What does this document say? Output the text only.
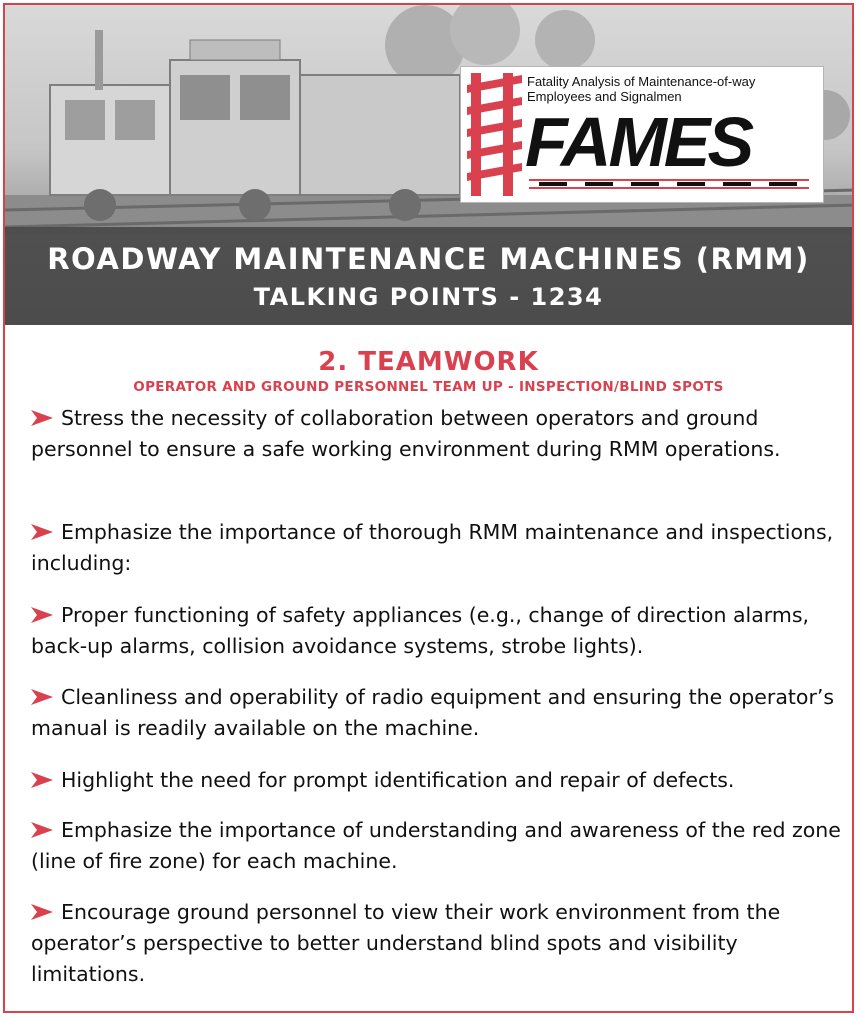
Fatality Analysis of Maintenance-of-way
Employees and Signalmen
FAMES
ROADWAY MAINTENANCE MACHINES (RMM)
TALKING POINTS - 1234
2. TEAMWORK
OPERATOR AND GROUND PERSONNEL TEAM UP - INSPECTION/BLIND SPOTS
Stress the necessity of collaboration between operators and ground personnel to ensure a safe working environment during RMM operations.
Emphasize the importance of thorough RMM maintenance and inspections, including:
Proper functioning of safety appliances (e.g., change of direction alarms, back-up alarms, collision avoidance systems, strobe lights).
Cleanliness and operability of radio equipment and ensuring the operator’s manual is readily available on the machine.
Highlight the need for prompt identification and repair of defects.
Emphasize the importance of understanding and awareness of the red zone (line of fire zone) for each machine.
Encourage ground personnel to view their work environment from the operator’s perspective to better understand blind spots and visibility limitations.
